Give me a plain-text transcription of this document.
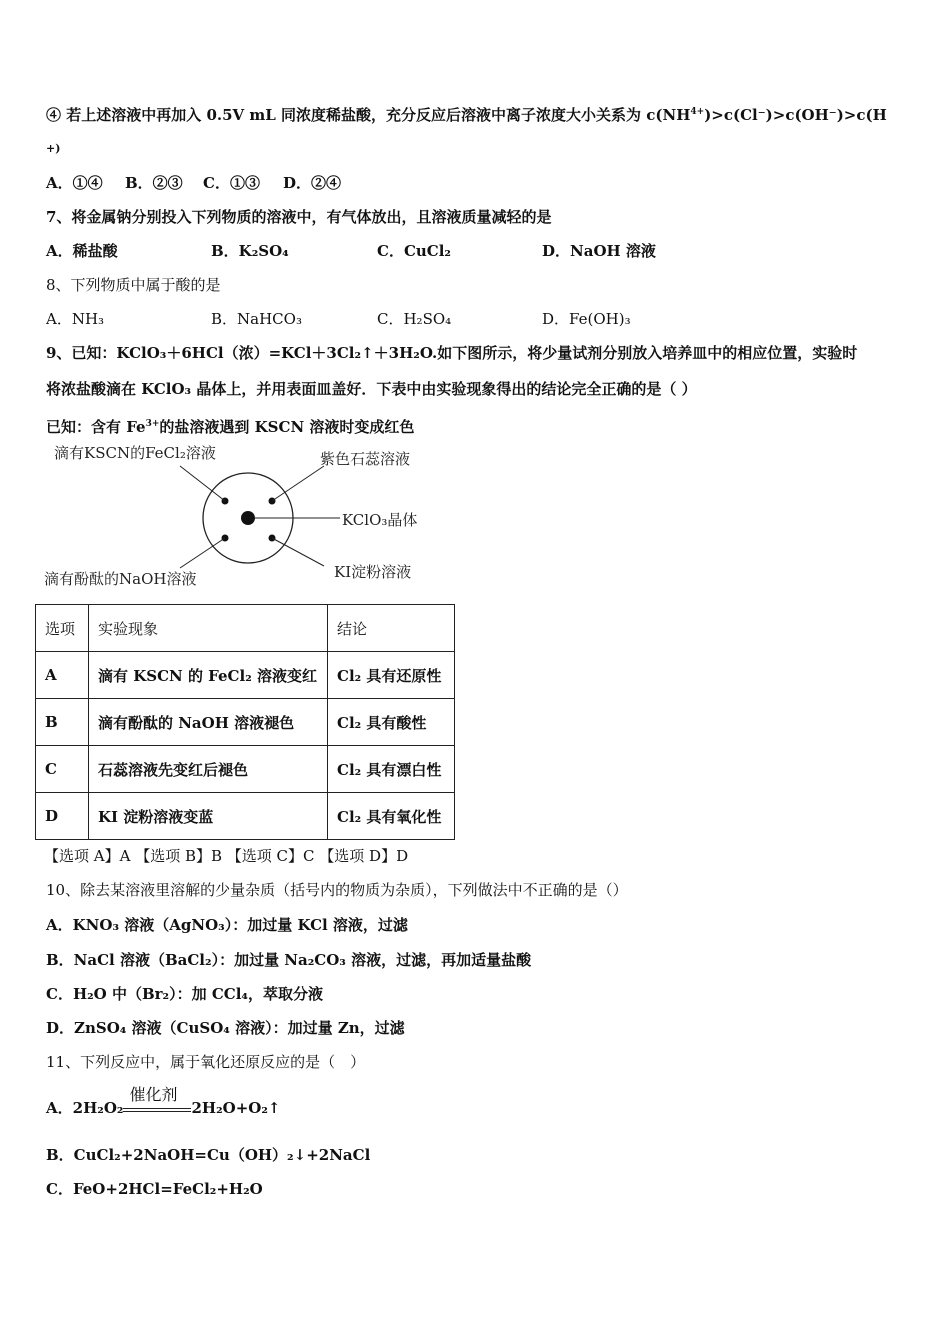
④ 若上述溶液中再加入 0.5V mL 同浓度稀盐酸，充分反应后溶液中离子浓度大小关系为 $c(NH^{4+})>c(Cl^-)>c(OH^-)>c(H$
+)
A．①④ B．②③ C．①③ D．②④
7、将金属钠分别投入下列物质的溶液中，有气体放出，且溶液质量减轻的是
A．稀盐酸	B．K₂SO₄	C．CuCl₂	D．NaOH 溶液
8、下列物质中属于酸的是
A．NH₃	B．NaHCO₃	C．H₂SO₄	D．Fe(OH)₃
9、已知：KClO₃＋6HCl（浓）=KCl＋3Cl₂↑＋3H₂O.如下图所示，将少量试剂分别放入培养皿中的相应位置，实验时
将浓盐酸滴在 KClO₃ 晶体上，并用表面皿盖好．下表中由实验现象得出的结论完全正确的是（ ）
已知：含有 $Fe^{3+}$的盐溶液遇到 KSCN 溶液时变成红色
滴有KSCN的FeCl₂溶液	紫色石蕊溶液
KClO₃晶体
滴有酚酞的NaOH溶液	KI淀粉溶液
选项	实验现象	结论
A	滴有 KSCN 的 FeCl₂ 溶液变红	Cl₂ 具有还原性
B	滴有酚酞的 NaOH 溶液褪色	Cl₂ 具有酸性
C	石蕊溶液先变红后褪色	Cl₂ 具有漂白性
D	KI 淀粉溶液变蓝	Cl₂ 具有氧化性
【选项 A】A 【选项 B】B 【选项 C】C 【选项 D】D
10、除去某溶液里溶解的少量杂质（括号内的物质为杂质），下列做法中不正确的是（）
A．KNO₃ 溶液（AgNO₃）：加过量 KCl 溶液，过滤
B．NaCl 溶液（BaCl₂）：加过量 Na₂CO₃ 溶液，过滤，再加适量盐酸
C．H₂O 中（Br₂）：加 CCl₄，萃取分液
D．ZnSO₄ 溶液（CuSO₄ 溶液）：加过量 Zn，过滤
11、下列反应中，属于氧化还原反应的是（　）
A．2H₂O₂
催化剂
2H₂O+O₂↑
B．CuCl₂+2NaOH=Cu（OH）₂↓+2NaCl
C．FeO+2HCl=FeCl₂+H₂O
